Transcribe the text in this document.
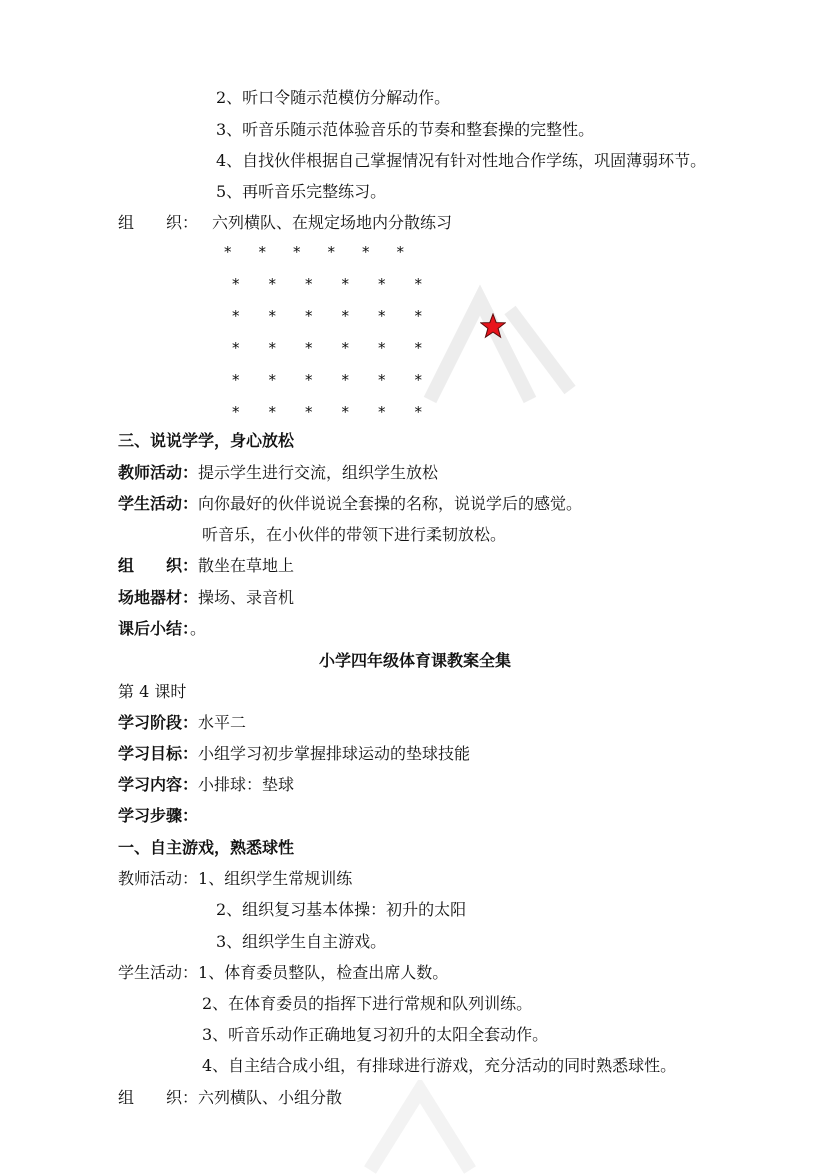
2、听口令随示范模仿分解动作。
3、听音乐随示范体验音乐的节奏和整套操的完整性。
4、自找伙伴根据自己掌握情况有针对性地合作学练，巩固薄弱环节。
5、再听音乐完整练习。
组　　织： 六列横队、在规定场地内分散练习
* * * * * *
* * * * * *
* * * * * *
* * * * * *
* * * * * *
* * * * * *
三、说说学学，身心放松
教师活动：提示学生进行交流，组织学生放松
学生活动：向你最好的伙伴说说全套操的名称，说说学后的感觉。
听音乐，在小伙伴的带领下进行柔韧放松。
组　　织：散坐在草地上
场地器材：操场、录音机
课后小结：。
小学四年级体育课教案全集
第 4 课时
学习阶段：水平二
学习目标：小组学习初步掌握排球运动的垫球技能
学习内容：小排球：垫球
学习步骤：
一、自主游戏，熟悉球性
教师活动：1、组织学生常规训练
2、组织复习基本体操：初升的太阳
3、组织学生自主游戏。
学生活动：1、体育委员整队，检查出席人数。
2、在体育委员的指挥下进行常规和队列训练。
3、听音乐动作正确地复习初升的太阳全套动作。
4、自主结合成小组，有排球进行游戏，充分活动的同时熟悉球性。
组　　织：六列横队、小组分散
